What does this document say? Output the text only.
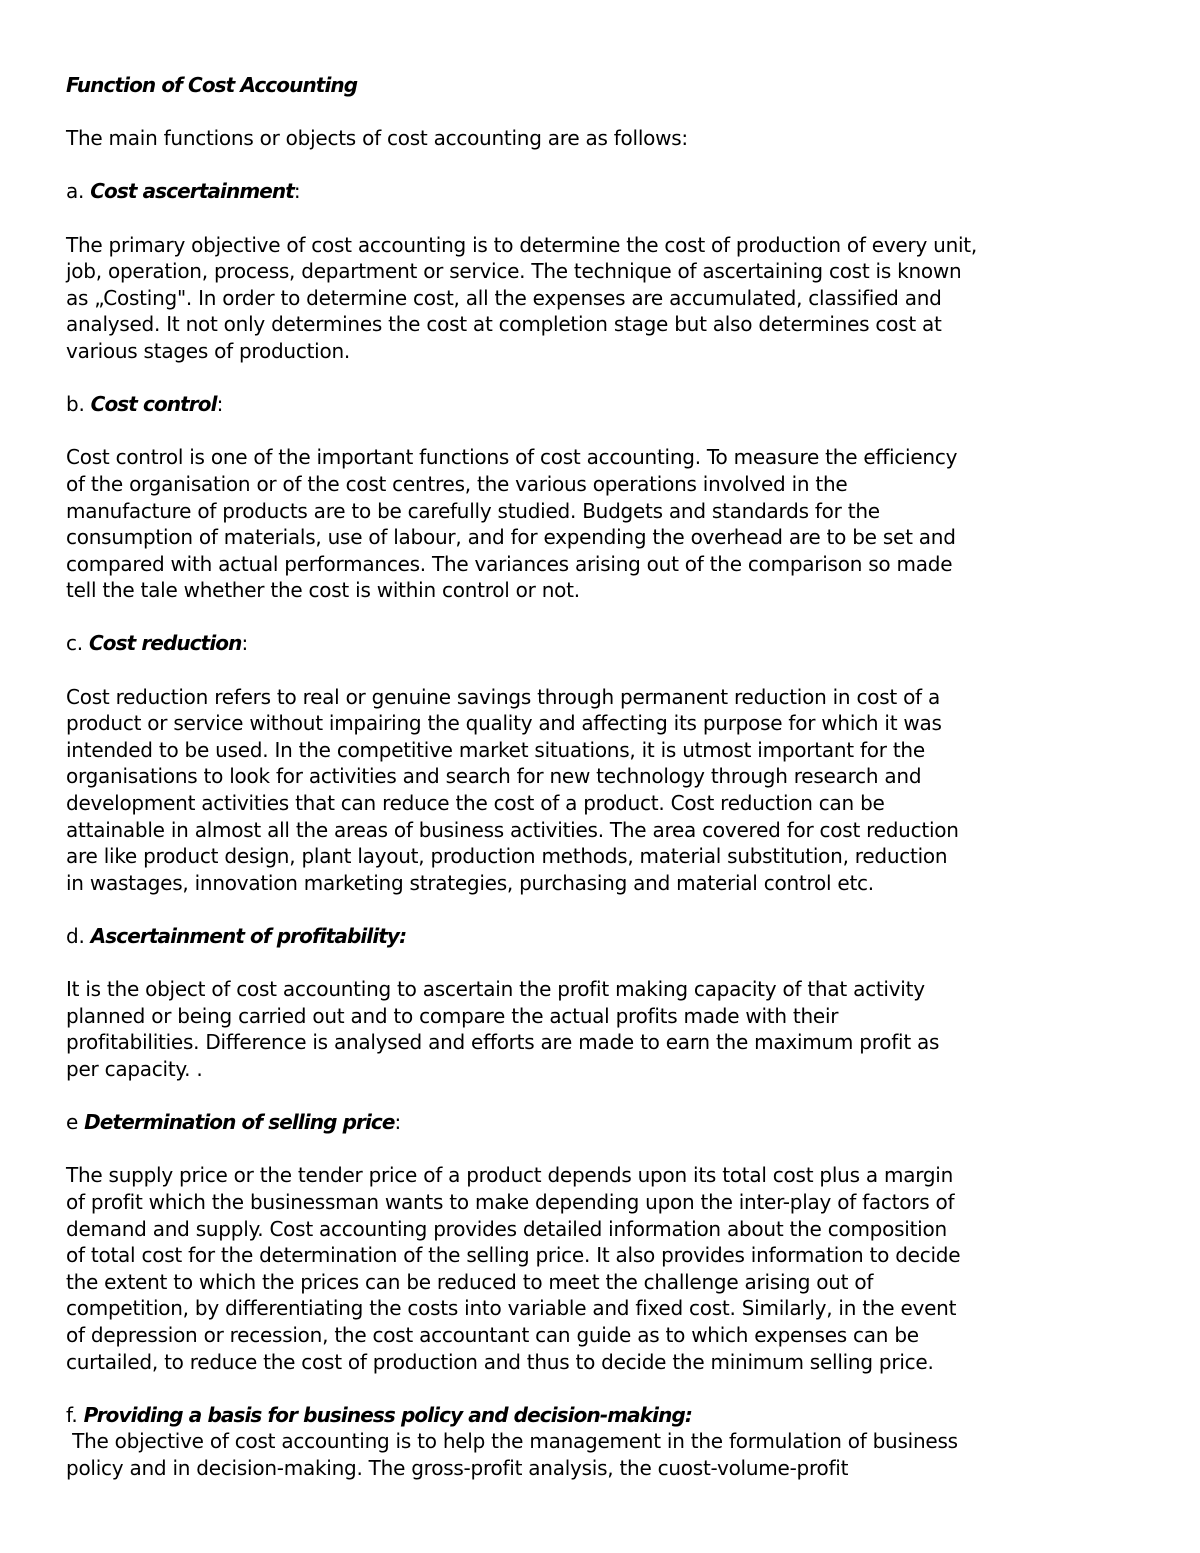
Function of Cost Accounting
The main functions or objects of cost accounting are as follows:
a. Cost ascertainment:
The primary objective of cost accounting is to determine the cost of production of every unit,
job, operation, process, department or service. The technique of ascertaining cost is known
as „Costing". In order to determine cost, all the expenses are accumulated, classified and
analysed. It not only determines the cost at completion stage but also determines cost at
various stages of production.
b. Cost control:
Cost control is one of the important functions of cost accounting. To measure the efficiency
of the organisation or of the cost centres, the various operations involved in the
manufacture of products are to be carefully studied. Budgets and standards for the
consumption of materials, use of labour, and for expending the overhead are to be set and
compared with actual performances. The variances arising out of the comparison so made
tell the tale whether the cost is within control or not.
c. Cost reduction:
Cost reduction refers to real or genuine savings through permanent reduction in cost of a
product or service without impairing the quality and affecting its purpose for which it was
intended to be used. In the competitive market situations, it is utmost important for the
organisations to look for activities and search for new technology through research and
development activities that can reduce the cost of a product. Cost reduction can be
attainable in almost all the areas of business activities. The area covered for cost reduction
are like product design, plant layout, production methods, material substitution, reduction
in wastages, innovation marketing strategies, purchasing and material control etc.
d. Ascertainment of profitability:
It is the object of cost accounting to ascertain the profit making capacity of that activity
planned or being carried out and to compare the actual profits made with their
profitabilities. Difference is analysed and efforts are made to earn the maximum profit as
per capacity. .
e Determination of selling price:
The supply price or the tender price of a product depends upon its total cost plus a margin
of profit which the businessman wants to make depending upon the inter-play of factors of
demand and supply. Cost accounting provides detailed information about the composition
of total cost for the determination of the selling price. It also provides information to decide
the extent to which the prices can be reduced to meet the challenge arising out of
competition, by differentiating the costs into variable and fixed cost. Similarly, in the event
of depression or recession, the cost accountant can guide as to which expenses can be
curtailed, to reduce the cost of production and thus to decide the minimum selling price.
f. Providing a basis for business policy and decision-making:
The objective of cost accounting is to help the management in the formulation of business
policy and in decision-making. The gross-profit analysis, the cuost-volume-profit
